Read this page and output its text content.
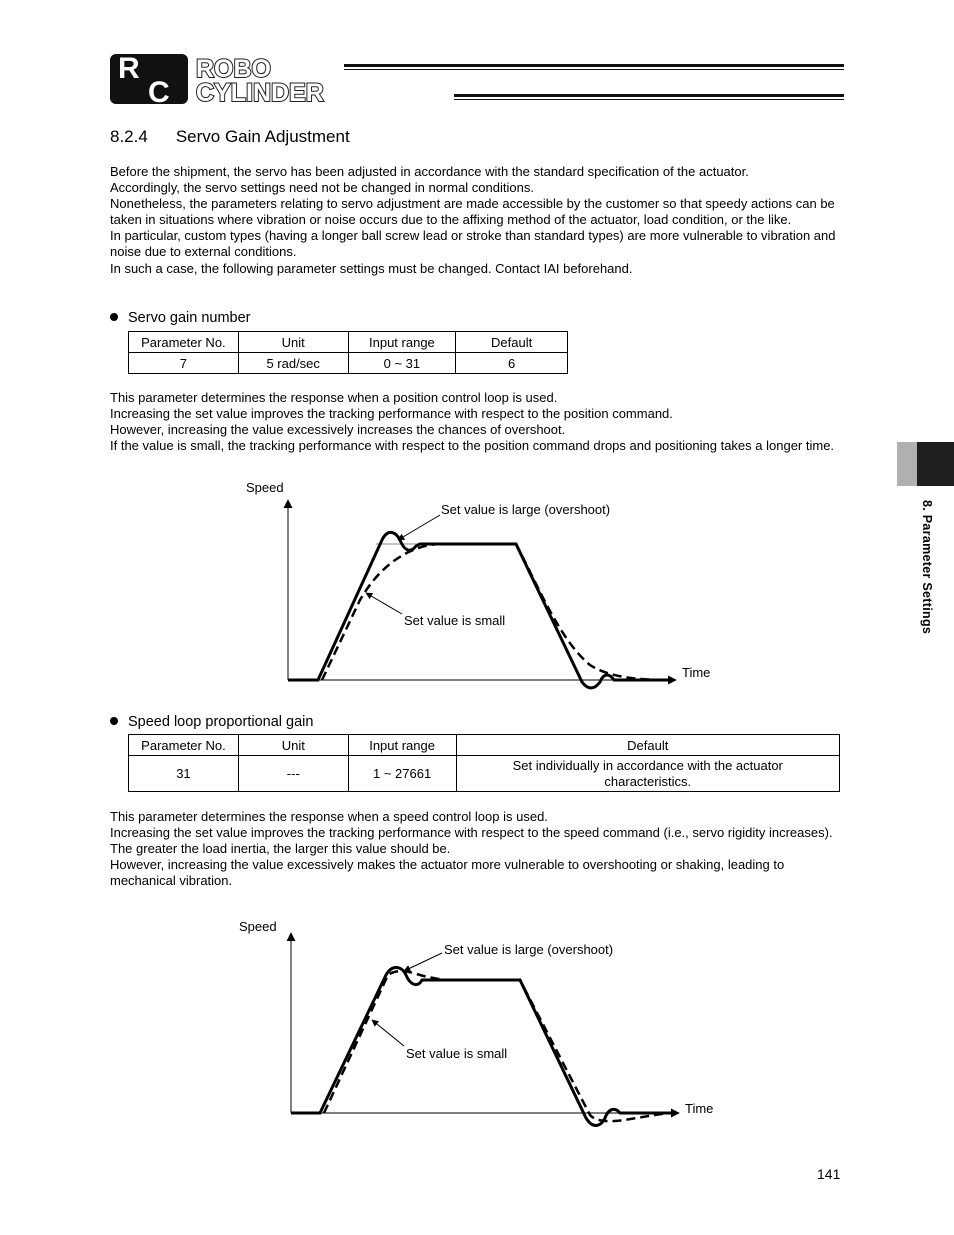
R
C
ROBO
CYLINDER
8.2.4 Servo Gain Adjustment

Before the shipment, the servo has been adjusted in accordance with the standard specification of the actuator.

Accordingly, the servo settings need not be changed in normal conditions.

Nonetheless, the parameters relating to servo adjustment are made accessible by the customer so that speedy actions can be taken in situations where vibration or noise occurs due to the affixing method of the actuator, load condition, or the like.

In particular, custom types (having a longer ball screw lead or stroke than standard types) are more vulnerable to vibration and noise due to external conditions.

In such a case, the following parameter settings must be changed. Contact IAI beforehand.

Servo gain number
Parameter No.	Unit	Input range	Default
7	5 rad/sec	0 ~ 31	6

This parameter determines the response when a position control loop is used.

Increasing the set value improves the tracking performance with respect to the position command.

However, increasing the value excessively increases the chances of overshoot.

If the value is small, the tracking performance with respect to the position command drops and positioning takes a longer time.

Speed
Set value is large (overshoot)
Set value is small
Time
Speed loop proportional gain
Parameter No.	Unit	Input range	Default
31	---	1 ~ 27661	Set individually in accordance with the actuator characteristics.

This parameter determines the response when a speed control loop is used.

Increasing the set value improves the tracking performance with respect to the speed command (i.e., servo rigidity increases).

The greater the load inertia, the larger this value should be.

However, increasing the value excessively makes the actuator more vulnerable to overshooting or shaking, leading to mechanical vibration.

Speed
Set value is large (overshoot)
Set value is small
Time
8. Parameter Settings
141
